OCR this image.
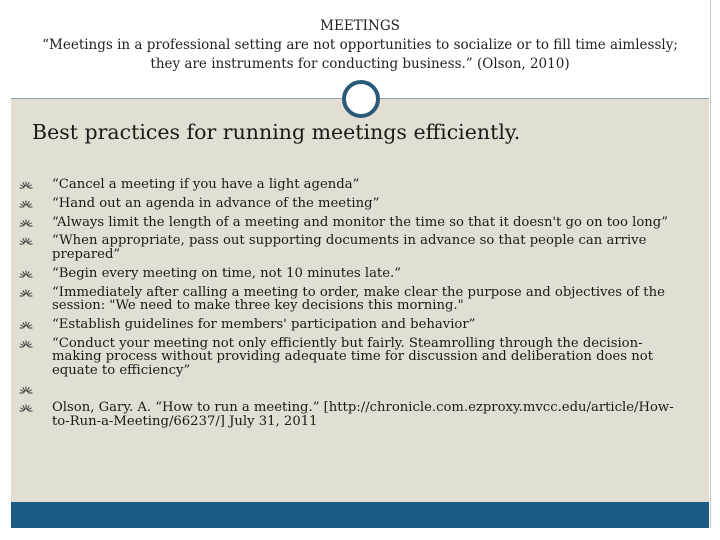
MEETINGS
“Meetings in a professional setting are not opportunities to socialize or to fill time aimlessly;
they are instruments for conducting business.” (Olson, 2010)
Best practices for running meetings efficiently.
“Cancel a meeting if you have a light agenda”
“Hand out an agenda in advance of the meeting”
“Always limit the length of a meeting and monitor the time so that it doesn't go on too long”
“When appropriate, pass out supporting documents in advance so that people can arrive prepared”
“Begin every meeting on time, not 10 minutes late.”
“Immediately after calling a meeting to order, make clear the purpose and objectives of the session: "We need to make three key decisions this morning."
“Establish guidelines for members' participation and behavior”
“Conduct your meeting not only efficiently but fairly. Steamrolling through the decision-making process without providing adequate time for discussion and deliberation does not equate to efficiency”
Olson, Gary. A. “How to run a meeting.” [http://chronicle.com.ezproxy.mvcc.edu/article/How-to-Run-a-Meeting/66237/] July 31, 2011
